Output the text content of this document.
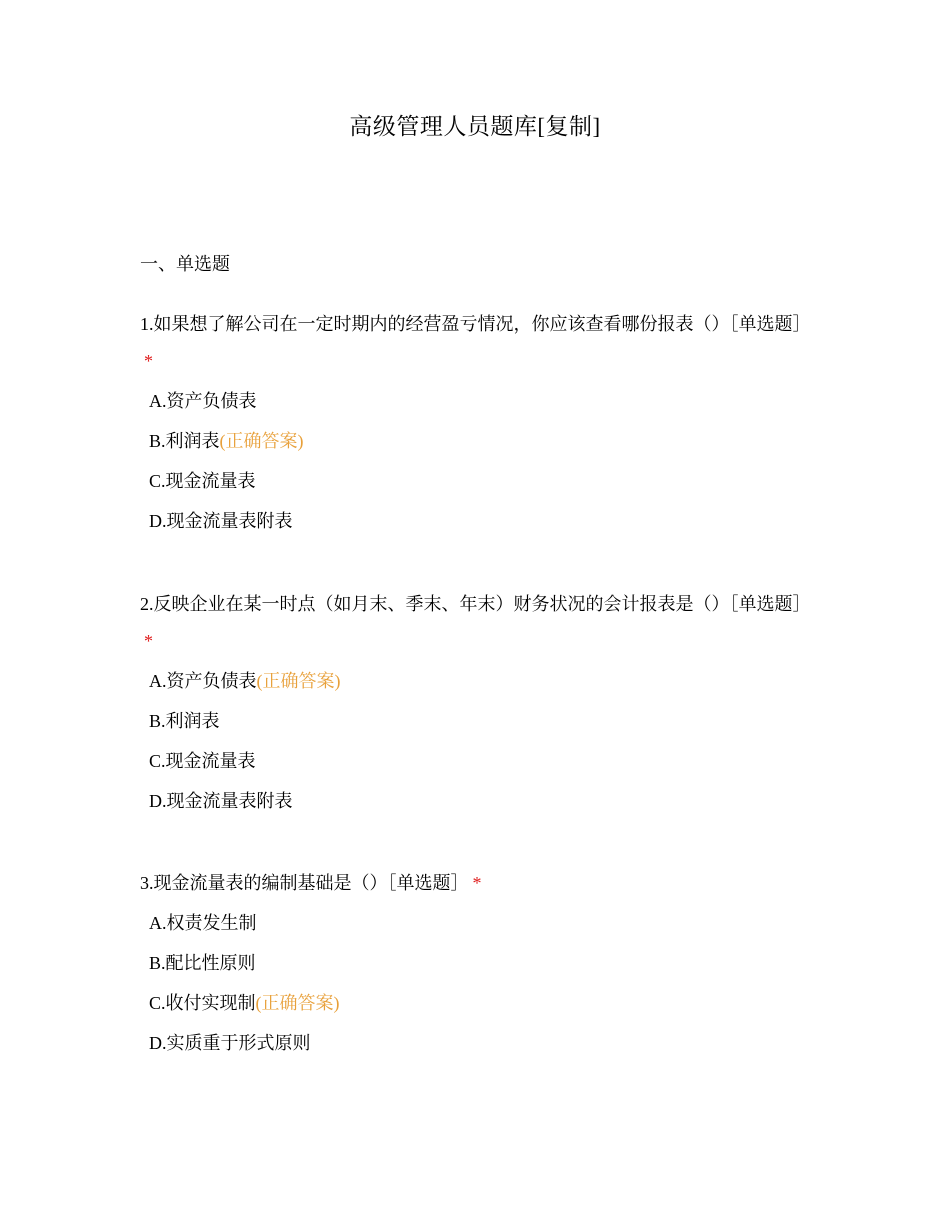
高级管理人员题库[复制]
一、单选题

1.如果想了解公司在一定时期内的经营盈亏情况，你应该查看哪份报表（）［单选题］*

A.资产负债表
B.利润表(正确答案)
C.现金流量表
D.现金流量表附表

2.反映企业在某一时点（如月末、季末、年末）财务状况的会计报表是（）［单选题］*

A.资产负债表(正确答案)
B.利润表
C.现金流量表
D.现金流量表附表

3.现金流量表的编制基础是（）［单选题］ *

A.权责发生制
B.配比性原则
C.收付实现制(正确答案)
D.实质重于形式原则
